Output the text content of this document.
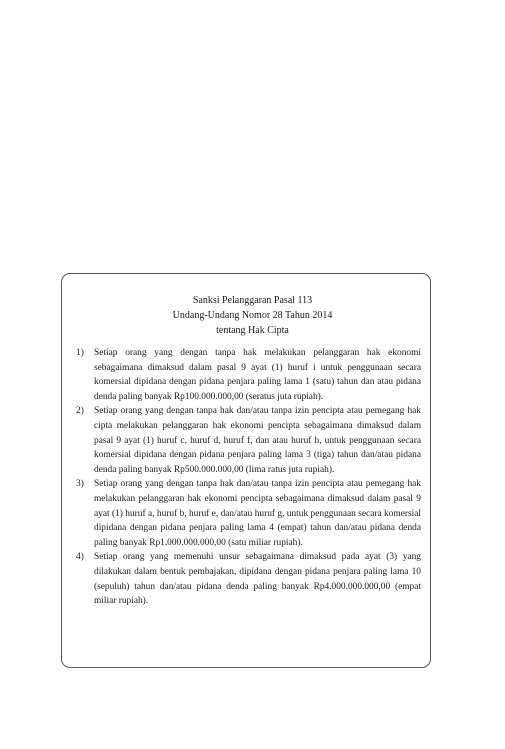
Sanksi Pelanggaran Pasal 113
Undang-Undang Nomor 28 Tahun 2014
tentang Hak Cipta
1) Setiap orang yang dengan tanpa hak melakukan pelanggaran hak ekonomi sebagaimana dimaksud dalam pasal 9 ayat (1) huruf i untuk penggunaan secara komersial dipidana dengan pidana penjara paling lama 1 (satu) tahun dan atau pidana denda paling banyak Rp100.000.000,00 (seratus juta rupiah).
2) Setiap orang yang dengan tanpa hak dan/atau tanpa izin pencipta atau pemegang hak cipta melakukan pelanggaran hak ekonomi pencipta sebagaimana dimaksud dalam pasal 9 ayat (1) huruf c, huruf d, huruf f, dan atau huruf h, untuk penggunaan secara komersial dipidana dengan pidana penjara paling lama 3 (tiga) tahun dan/atau pidana denda paling banyak Rp500.000.000,00 (lima ratus juta rupiah).
3) Setiap orang yang dengan tanpa hak dan/atau tanpa izin pencipta atau pemegang hak melakukan pelanggaran hak ekonomi pencipta sebagaimana dimaksud dalam pasal 9 ayat (1) huruf a, huruf b, huruf e, dan/atau huruf g, untuk penggunaan secara komersial dipidana dengan pidana penjara paling lama 4 (empat) tahun dan/atau pidana denda paling banyak Rp1.000.000.000,00 (satu miliar rupiah).
4) Setiap orang yang memenuhi unsur sebagaimana dimaksud pada ayat (3) yang dilakukan dalam bentuk pembajakan, dipidana dengan pidana penjara paling lama 10 (sepuluh) tahun dan/atau pidana denda paling banyak Rp4.000.000.000,00 (empat miliar rupiah).
